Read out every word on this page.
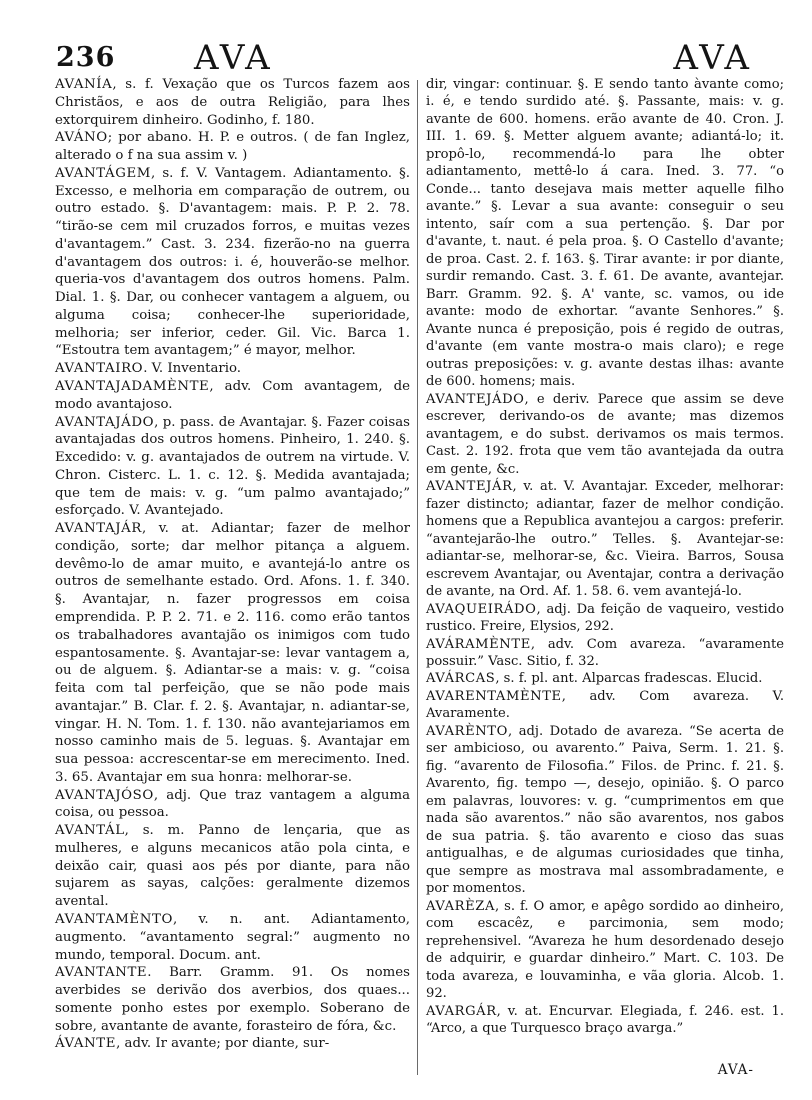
236 AVA	AVA

AVANÍA, s. f. Vexação que os Turcos fazem aos Christãos, e aos de outra Religião, para lhes extorquirem dinheiro. Godinho, f. 180.

AVÁNO; por abano. H. P. e outros. ( de fan Inglez, alterado o f na sua assim v. )

AVANTÁGEM, s. f. V. Vantagem. Adiantamento. §. Excesso, e melhoria em comparação de outrem, ou outro estado. §. D'avantagem: mais. P. P. 2. 78. “tirão-se cem mil cruzados forros, e muitas vezes d'avantagem.” Cast. 3. 234. fizerão-no na guerra d'avantagem dos outros: i. é, houverão-se melhor. queria-vos d'avantagem dos outros homens. Palm. Dial. 1. §. Dar, ou conhecer vantagem a alguem, ou alguma coisa; conhecer-lhe superioridade, melhoria; ser inferior, ceder. Gil. Vic. Barca 1. “Estoutra tem avantagem;” é mayor, melhor.

AVANTAIRO. V. Inventario.

AVANTAJADAMÈNTE, adv. Com avantagem, de modo avantajoso.

AVANTAJÁDO, p. pass. de Avantajar. §. Fazer coisas avantajadas dos outros homens. Pinheiro, 1. 240. §. Excedido: v. g. avantajados de outrem na virtude. V. Chron. Cisterc. L. 1. c. 12. §. Medida avantajada; que tem de mais: v. g. “um palmo avantajado;” esforçado. V. Avantejado.

AVANTAJÁR, v. at. Adiantar; fazer de melhor condição, sorte; dar melhor pitança a alguem. devêmo-lo de amar muito, e avantejá-lo antre os outros de semelhante estado. Ord. Afons. 1. f. 340. §. Avantajar, n. fazer progressos em coisa emprendida. P. P. 2. 71. e 2. 116. como erão tantos os trabalhadores avantajão os inimigos com tudo espantosamente. §. Avantajar-se: levar vantagem a, ou de alguem. §. Adiantar-se a mais: v. g. “coisa feita com tal perfeição, que se não pode mais avantajar.” B. Clar. f. 2. §. Avantajar, n. adiantar-se, vingar. H. N. Tom. 1. f. 130. não avantejariamos em nosso caminho mais de 5. leguas. §. Avantajar em sua pessoa: accrescentar-se em merecimento. Ined. 3. 65. Avantajar em sua honra: melhorar-se.

AVANTAJÓSO, adj. Que traz vantagem a alguma coisa, ou pessoa.

AVANTÁL, s. m. Panno de lençaria, que as mulheres, e alguns mecanicos atão pola cinta, e deixão cair, quasi aos pés por diante, para não sujarem as sayas, calções: geralmente dizemos avental.

AVANTAMÈNTO, v. n. ant. Adiantamento, augmento. “avantamento segral:” augmento no mundo, temporal. Docum. ant.

AVANTANTE. Barr. Gramm. 91. Os nomes averbides se derivão dos averbios, dos quaes... somente ponho estes por exemplo. Soberano de sobre, avantante de avante, forasteiro de fóra, &c.

ÁVANTE, adv. Ir avante; por diante, sur-

dir, vingar: continuar. §. E sendo tanto àvante como; i. é, e tendo surdido até. §. Passante, mais: v. g. avante de 600. homens. erão avante de 40. Cron. J. III. 1. 69. §. Metter alguem avante; adiantá-lo; it. propô-lo, recommendá-lo para lhe obter adiantamento, mettê-lo á cara. Ined. 3. 77. “o Conde... tanto desejava mais metter aquelle filho avante.” §. Levar a sua avante: conseguir o seu intento, saír com a sua pertenção. §. Dar por d'avante, t. naut. é pela proa. §. O Castello d'avante; de proa. Cast. 2. f. 163. §. Tirar avante: ir por diante, surdir remando. Cast. 3. f. 61. De avante, avantejar. Barr. Gramm. 92. §. A' vante, sc. vamos, ou ide avante: modo de exhortar. “avante Senhores.” §. Avante nunca é preposição, pois é regido de outras, d'avante (em vante mostra-o mais claro); e rege outras preposições: v. g. avante destas ilhas: avante de 600. homens; mais.

AVANTEJÁDO, e deriv. Parece que assim se deve escrever, derivando-os de avante; mas dizemos avantagem, e do subst. derivamos os mais termos. Cast. 2. 192. frota que vem tão avantejada da outra em gente, &c.

AVANTEJÁR, v. at. V. Avantajar. Exceder, melhorar: fazer distincto; adiantar, fazer de melhor condição. homens que a Republica avantejou a cargos: preferir. “avantejarão-lhe outro.” Telles. §. Avantejar-se: adiantar-se, melhorar-se, &c. Vieira. Barros, Sousa escrevem Avantajar, ou Aventajar, contra a derivação de avante, na Ord. Af. 1. 58. 6. vem avantejá-lo.

AVAQUEIRÁDO, adj. Da feição de vaqueiro, vestido rustico. Freire, Elysios, 292.

AVÁRAMÈNTE, adv. Com avareza. “avaramente possuir.” Vasc. Sitio, f. 32.

AVÁRCAS, s. f. pl. ant. Alparcas fradescas. Elucid.

AVARENTAMÈNTE, adv. Com avareza. V. Avaramente.

AVARÈNTO, adj. Dotado de avareza. “Se acerta de ser ambicioso, ou avarento.” Paiva, Serm. 1. 21. §. fig. “avarento de Filosofia.” Filos. de Princ. f. 21. §. Avarento, fig. tempo —, desejo, opinião. §. O parco em palavras, louvores: v. g. “cumprimentos em que nada são avarentos.” não são avarentos, nos gabos de sua patria. §. tão avarento e cioso das suas antigualhas, e de algumas curiosidades que tinha, que sempre as mostrava mal assombradamente, e por momentos.

AVARÈZA, s. f. O amor, e apêgo sordido ao dinheiro, com escacêz, e parcimonia, sem modo; reprehensivel. “Avareza he hum desordenado desejo de adquirir, e guardar dinheiro.” Mart. C. 103. De toda avareza, e louvaminha, e vãa gloria. Alcob. 1. 92.

AVARGÁR, v. at. Encurvar. Elegiada, f. 246. est. 1. “Arco, a que Turquesco braço avarga.”

AVA-
